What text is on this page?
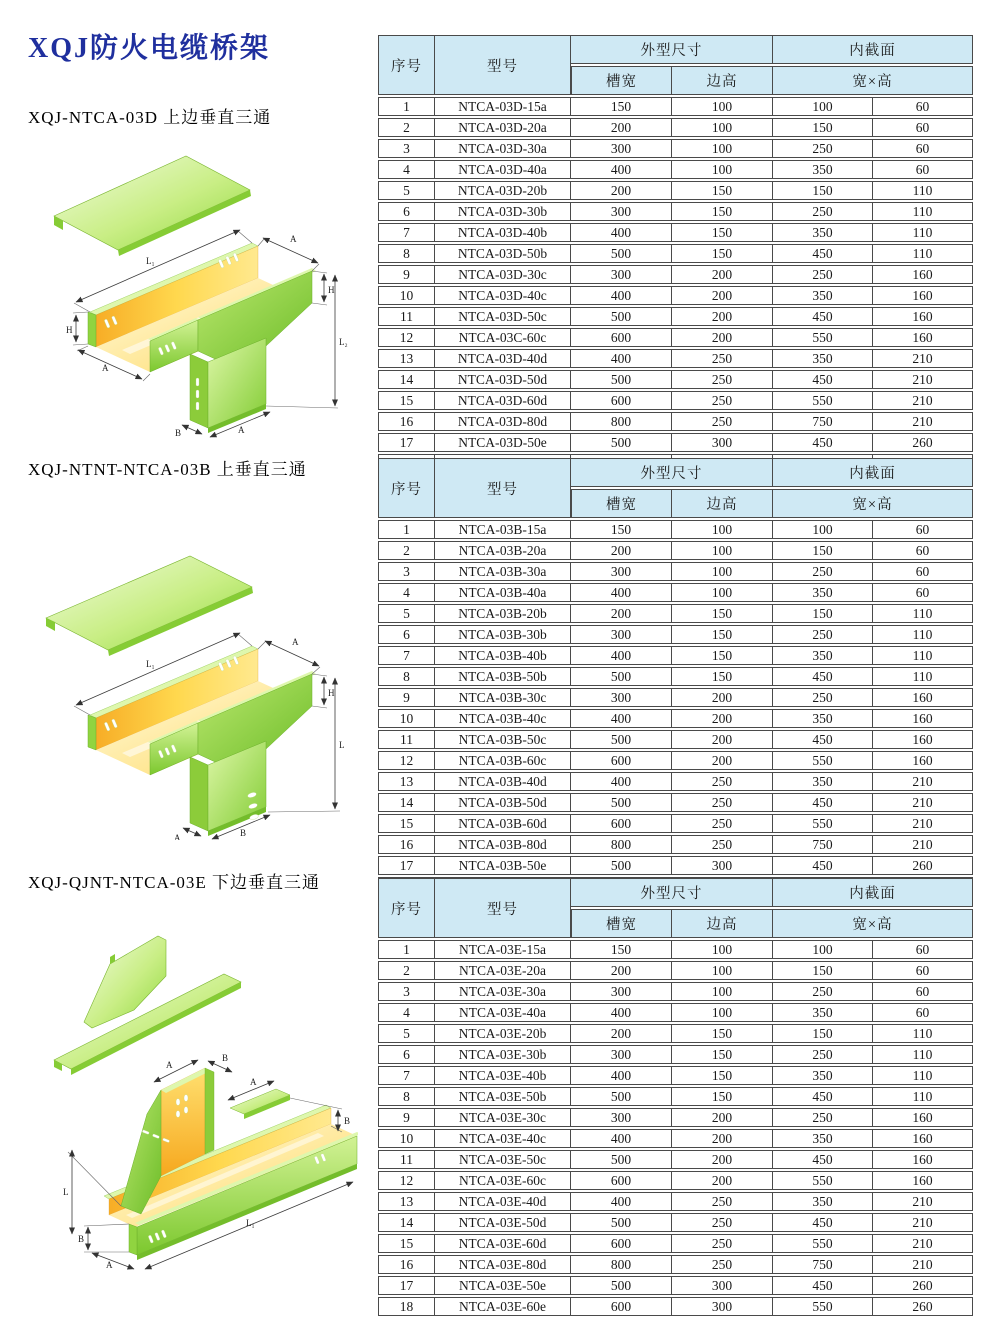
XQJ防火电缆桥架
XQJ-NTCA-03D 上边垂直三通
XQJ-NTNT-NTCA-03B 上垂直三通
XQJ-QJNT-NTCA-03E 下边垂直三通
L₁
A
H
L₂
H
A
B	A
L₁
A
H
L
A	B
A
B
A
B
L
B
A
L₁
序号	型号	外型尺寸		内截面	
		槽宽	边高	宽×高	
1	NTCA-03D-15a	150	100	100	60
2	NTCA-03D-20a	200	100	150	60
3	NTCA-03D-30a	300	100	250	60
4	NTCA-03D-40a	400	100	350	60
5	NTCA-03D-20b	200	150	150	110
6	NTCA-03D-30b	300	150	250	110
7	NTCA-03D-40b	400	150	350	110
8	NTCA-03D-50b	500	150	450	110
9	NTCA-03D-30c	300	200	250	160
10	NTCA-03D-40c	400	200	350	160
11	NTCA-03D-50c	500	200	450	160
12	NTCA-03C-60c	600	200	550	160
13	NTCA-03D-40d	400	250	350	210
14	NTCA-03D-50d	500	250	450	210
15	NTCA-03D-60d	600	250	550	210
16	NTCA-03D-80d	800	250	750	210
17	NTCA-03D-50e	500	300	450	260

序号	型号	外型尺寸		内截面	
		槽宽	边高	宽×高	
1	NTCA-03B-15a	150	100	100	60
2	NTCA-03B-20a	200	100	150	60
3	NTCA-03B-30a	300	100	250	60
4	NTCA-03B-40a	400	100	350	60
5	NTCA-03B-20b	200	150	150	110
6	NTCA-03B-30b	300	150	250	110
7	NTCA-03B-40b	400	150	350	110
8	NTCA-03B-50b	500	150	450	110
9	NTCA-03B-30c	300	200	250	160
10	NTCA-03B-40c	400	200	350	160
11	NTCA-03B-50c	500	200	450	160
12	NTCA-03B-60c	600	200	550	160
13	NTCA-03B-40d	400	250	350	210
14	NTCA-03B-50d	500	250	450	210
15	NTCA-03B-60d	600	250	550	210
16	NTCA-03B-80d	800	250	750	210
17	NTCA-03B-50e	500	300	450	260

序号	型号	外型尺寸		内截面	
		槽宽	边高	宽×高	
1	NTCA-03E-15a	150	100	100	60
2	NTCA-03E-20a	200	100	150	60
3	NTCA-03E-30a	300	100	250	60
4	NTCA-03E-40a	400	100	350	60
5	NTCA-03E-20b	200	150	150	110
6	NTCA-03E-30b	300	150	250	110
7	NTCA-03E-40b	400	150	350	110
8	NTCA-03E-50b	500	150	450	110
9	NTCA-03E-30c	300	200	250	160
10	NTCA-03E-40c	400	200	350	160
11	NTCA-03E-50c	500	200	450	160
12	NTCA-03E-60c	600	200	550	160
13	NTCA-03E-40d	400	250	350	210
14	NTCA-03E-50d	500	250	450	210
15	NTCA-03E-60d	600	250	550	210
16	NTCA-03E-80d	800	250	750	210
17	NTCA-03E-50e	500	300	450	260
18	NTCA-03E-60e	600	300	550	260
